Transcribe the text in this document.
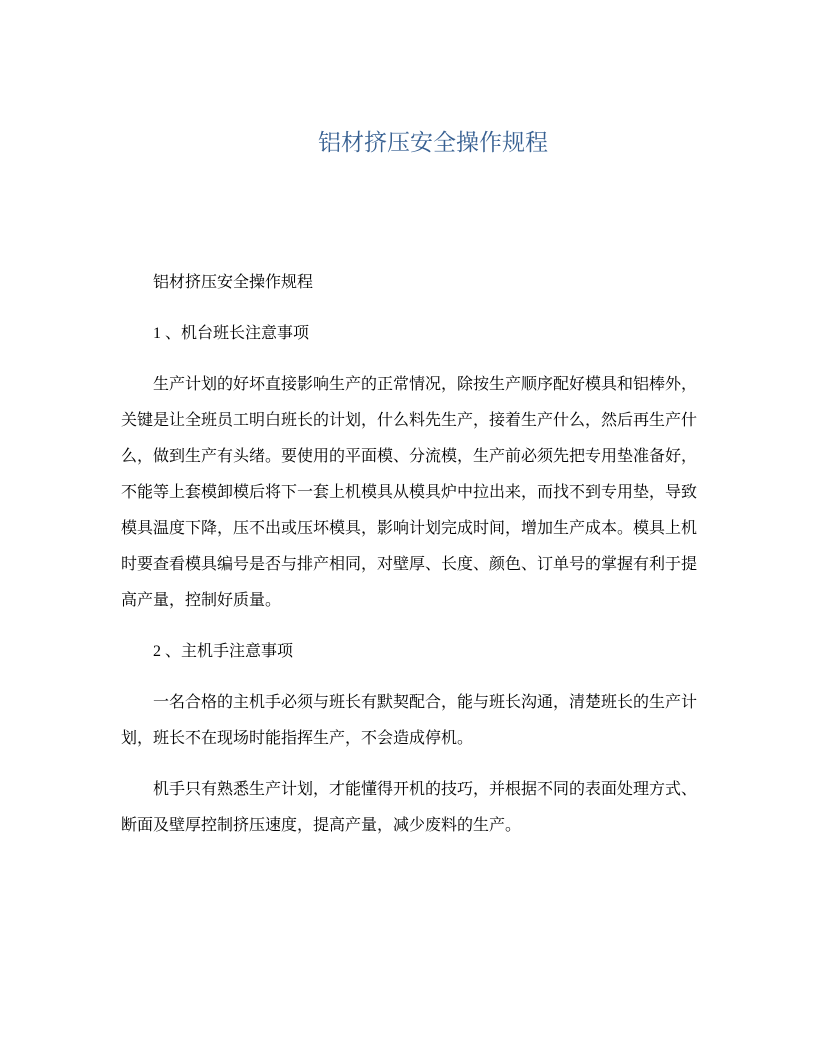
铝材挤压安全操作规程

铝材挤压安全操作规程

1 、机台班长注意事项

生产计划的好坏直接影响生产的正常情况，除按生产顺序配好模具和铝棒外，关键是让全班员工明白班长的计划，什么料先生产，接着生产什么，然后再生产什么，做到生产有头绪。要使用的平面模、分流模，生产前必须先把专用垫准备好，不能等上套模卸模后将下一套上机模具从模具炉中拉出来，而找不到专用垫，导致模具温度下降，压不出或压坏模具，影响计划完成时间，增加生产成本。模具上机时要查看模具编号是否与排产相同，对壁厚、长度、颜色、订单号的掌握有利于提高产量，控制好质量。

2 、主机手注意事项

一名合格的主机手必须与班长有默契配合，能与班长沟通，清楚班长的生产计划，班长不在现场时能指挥生产，不会造成停机。

机手只有熟悉生产计划，才能懂得开机的技巧，并根据不同的表面处理方式、断面及壁厚控制挤压速度，提高产量，减少废料的生产。
